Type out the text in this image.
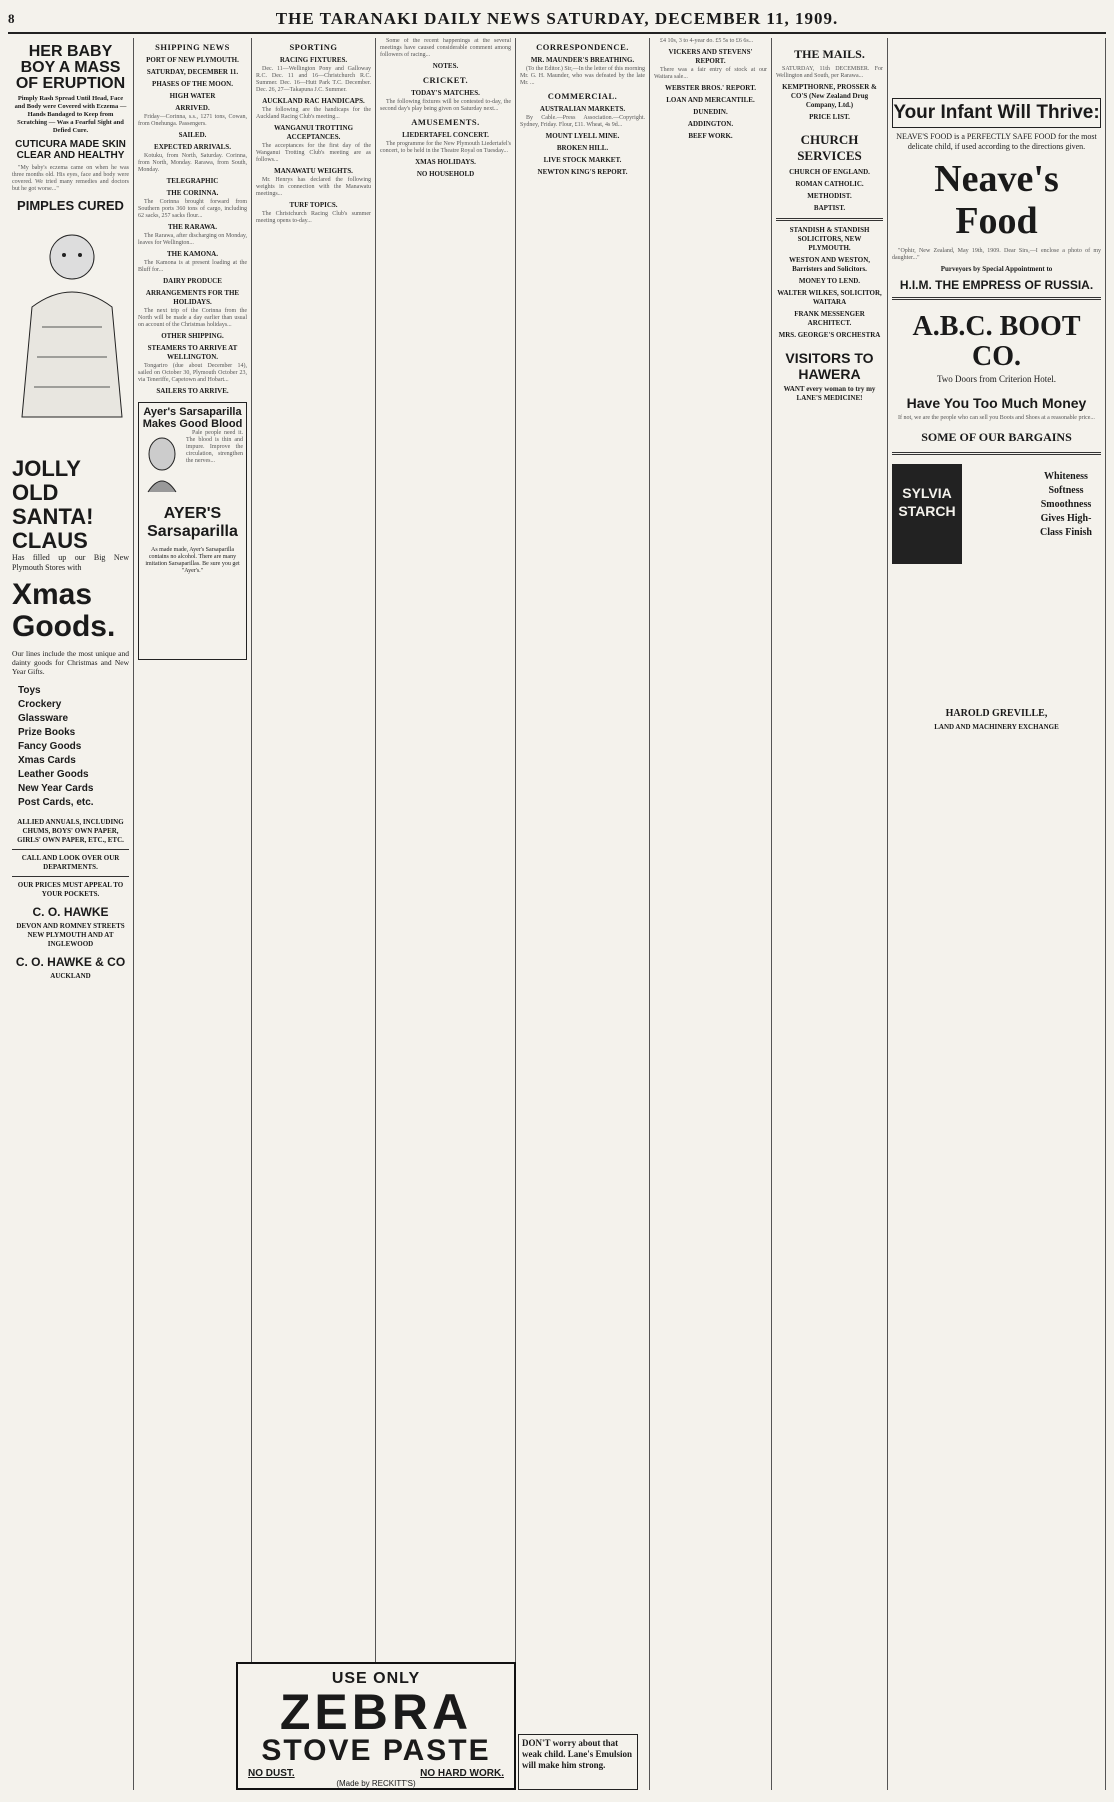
8	THE TARANAKI DAILY NEWS SATURDAY, DECEMBER 11, 1909.
HER BABY BOY A MASS OF ERUPTION
Pimply Rash Spread Until Head, Face and Body were Covered with Eczema — Hands Bandaged to Keep from Scratching — Was a Fearful Sight and Defied Cure.
CUTICURA MADE SKIN CLEAR AND HEALTHY

"My baby's eczema came on when he was three months old. His eyes, face and body were covered. We tried many remedies and doctors but he got worse..."

PIMPLES CURED
JOLLY OLD SANTA! CLAUS

Has filled up our Big New Plymouth Stores with

Xmas Goods.

Our lines include the most unique and dainty goods for Christmas and New Year Gifts.

Toys
Crockery
Glassware
Prize Books
Fancy Goods
Xmas Cards
Leather Goods
New Year Cards
Post Cards, etc.
ALLIED ANNUALS, INCLUDING CHUMS, BOYS' OWN PAPER, GIRLS' OWN PAPER, ETC., ETC.
CALL AND LOOK OVER OUR DEPARTMENTS.
OUR PRICES MUST APPEAL TO YOUR POCKETS.
C. O. HAWKE
DEVON AND ROMNEY STREETS NEW PLYMOUTH AND AT INGLEWOOD
C. O. HAWKE & CO
AUCKLAND
SHIPPING NEWS
PORT OF NEW PLYMOUTH.
SATURDAY, DECEMBER 11.
PHASES OF THE MOON.
HIGH WATER
ARRIVED.

Friday—Corinna, s.s., 1271 tons, Cowan, from Onehunga. Passengers.

SAILED.
EXPECTED ARRIVALS.

Kotuku, from North, Saturday. Corinna, from North, Monday. Rarawa, from South, Monday.

TELEGRAPHIC
THE CORINNA.

The Corinna brought forward from Southern ports 360 tons of cargo, including 62 sacks, 257 sacks flour...

THE RARAWA.

The Rarawa, after discharging on Monday, leaves for Wellington...

THE KAMONA.

The Kamona is at present loading at the Bluff for...

DAIRY PRODUCE
ARRANGEMENTS FOR THE HOLIDAYS.

The next trip of the Corinna from the North will be made a day earlier than usual on account of the Christmas holidays...

OTHER SHIPPING.
STEAMERS TO ARRIVE AT WELLINGTON.

Tongariro (due about December 14), sailed on October 30, Plymouth October 23, via Teneriffe, Capetown and Hobart...

SAILERS TO ARRIVE.
Ayer's Sarsaparilla Makes Good Blood

Pale people need it. The blood is thin and impure. Improve the circulation, strengthen the nerves...

AYER'S Sarsaparilla

As made made, Ayer's Sarsaparilla contains no alcohol. There are many imitation Sarsaparillas. Be sure you get "Ayer's."

SPORTING
RACING FIXTURES.

Dec. 11—Wellington Pony and Galloway R.C. Dec. 11 and 16—Christchurch R.C. Summer. Dec. 16—Hutt Park T.C. December. Dec. 26, 27—Takapuna J.C. Summer.

AUCKLAND RAC HANDICAPS.

The following are the handicaps for the Auckland Racing Club's meeting...

WANGANUI TROTTING ACCEPTANCES.

The acceptances for the first day of the Wanganui Trotting Club's meeting are as follows...

MANAWATU WEIGHTS.

Mr. Henrys has declared the following weights in connection with the Manawatu meetings...

TURF TOPICS.

The Christchurch Racing Club's summer meeting opens to-day...

Some of the recent happenings at the several meetings have caused considerable comment among followers of racing...

NOTES.
CRICKET.
TODAY'S MATCHES.

The following fixtures will be contested to-day, the second day's play being given on Saturday next...

AMUSEMENTS.
LIEDERTAFEL CONCERT.

The programme for the New Plymouth Liedertafel's concert, to be held in the Theatre Royal on Tuesday...

XMAS HOLIDAYS.
NO HOUSEHOLD
CORRESPONDENCE.
MR. MAUNDER'S BREATHING.

(To the Editor.) Sir,—In the letter of this morning Mr. G. H. Maunder, who was defeated by the late Mr. ...

COMMERCIAL.
AUSTRALIAN MARKETS.

By Cable.—Press Association.—Copyright. Sydney, Friday. Flour, £11. Wheat, 4s 9d...

MOUNT LYELL MINE.
BROKEN HILL.
LIVE STOCK MARKET.
NEWTON KING'S REPORT.

£4 10s, 3 to 4-year do. £5 5s to £6 6s...

VICKERS AND STEVENS' REPORT.

There was a fair entry of stock at our Waitara sale...

WEBSTER BROS.' REPORT.
LOAN AND MERCANTILE.
DUNEDIN.
ADDINGTON.
BEEF WORK.
THE MAILS.

SATURDAY, 11th DECEMBER. For Wellington and South, per Rarawa...

KEMPTHORNE, PROSSER & CO'S (New Zealand Drug Company, Ltd.)
PRICE LIST.
CHURCH SERVICES
CHURCH OF ENGLAND.
ROMAN CATHOLIC.
METHODIST.
BAPTIST.
STANDISH & STANDISH SOLICITORS, NEW PLYMOUTH.
WESTON AND WESTON, Barristers and Solicitors.
MONEY TO LEND.
WALTER WILKES, SOLICITOR, WAITARA
FRANK MESSENGER ARCHITECT.
MRS. GEORGE'S ORCHESTRA
VISITORS TO HAWERA
WANT every woman to try my LANE'S MEDICINE!
Your Infant Will Thrive:

NEAVE'S FOOD is a PERFECTLY SAFE FOOD for the most delicate child, if used according to the directions given.

Neave's Food

"Ophir, New Zealand, May 19th, 1909. Dear Sirs,—I enclose a photo of my daughter..."

Purveyors by Special Appointment to
H.I.M. THE EMPRESS OF RUSSIA.
A.B.C. BOOT CO.
Two Doors from Criterion Hotel.
Have You Too Much Money

If not, we are the people who can sell you Boots and Shoes at a reasonable price...

SOME OF OUR BARGAINS
SYLVIA STARCH
Whiteness Softness Smoothness Gives High-Class Finish
HAROLD GREVILLE,
LAND AND MACHINERY EXCHANGE
USE ONLY
ZEBRA
STOVE PASTE
NO DUST.	NO HARD WORK.
(Made by RECKITT'S)
DON'T worry about that weak child. Lane's Emulsion will make him strong.
